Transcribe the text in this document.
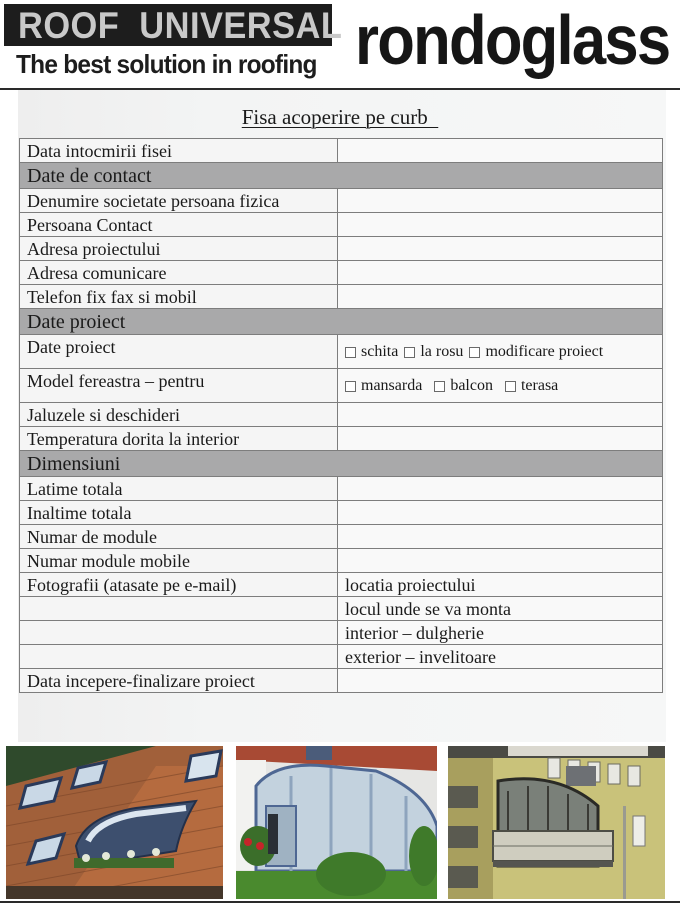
ROOF  UNIVERSAL
The best solution in roofing rondoglass
Fisa acoperire pe curb
Data intocmirii fisei	
Date de contact	
Denumire societate persoana fizica	
Persoana Contact	
Adresa proiectului	
Adresa comunicare	
Telefon fix fax si mobil	
Date proiect	
Date proiect	schita la rosu modificare proiect

Model fereastra – pentru	mansarda balcon terasa

Jaluzele si deschideri	
Temperatura dorita la interior	
Dimensiuni	
Latime totala	
Inaltime totala	
Numar de module	
Numar module mobile	
Fotografii (atasate pe e-mail)	locatia proiectului
	locul unde se va monta
	interior – dulgherie
	exterior – invelitoare
Data incepere-finalizare proiect	
